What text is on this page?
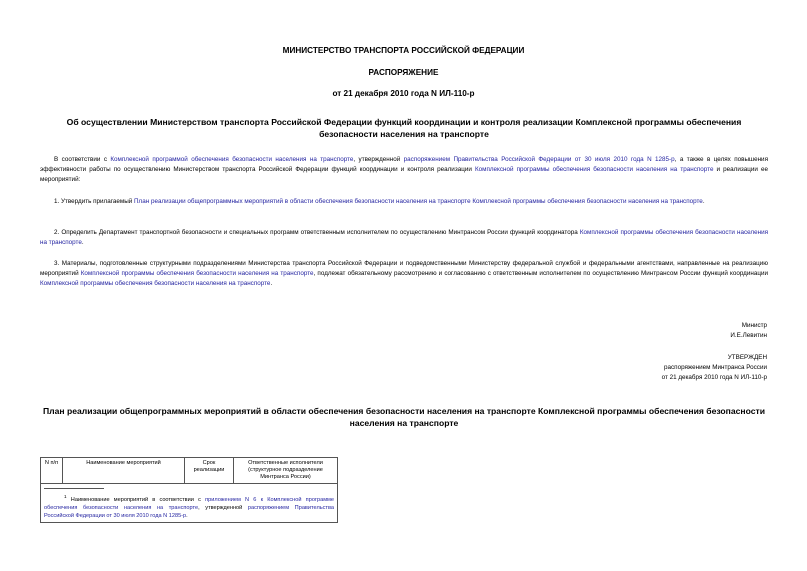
МИНИСТЕРСТВО ТРАНСПОРТА РОССИЙСКОЙ ФЕДЕРАЦИИ
РАСПОРЯЖЕНИЕ
от 21 декабря 2010 года N ИЛ-110-р
Об осуществлении Министерством транспорта Российской Федерации функций координации и контроля реализации Комплексной программы обеспечения безопасности населения на транспорте
В соответствии с Комплексной программой обеспечения безопасности населения на транспорте, утвержденной распоряжением Правительства Российской Федерации от 30 июля 2010 года N 1285-р, а также в целях повышения эффективности работы по осуществлению Министерством транспорта Российской Федерации функций координации и контроля реализации Комплексной программы обеспечения безопасности населения на транспорте и реализации ее мероприятий:
1. Утвердить прилагаемый План реализации общепрограммных мероприятий в области обеспечения безопасности населения на транспорте Комплексной программы обеспечения безопасности населения на транспорте.
2. Определить Департамент транспортной безопасности и специальных программ ответственным исполнителем по осуществлению Минтрансом России функций координатора Комплексной программы обеспечения безопасности населения на транспорте.
3. Материалы, подготовленные структурными подразделениями Министерства транспорта Российской Федерации и подведомственными Министерству федеральной службой и федеральными агентствами, направленные на реализацию мероприятий Комплексной программы обеспечения безопасности населения на транспорте, подлежат обязательному рассмотрению и согласованию с ответственным исполнителем по осуществлению Минтрансом России функций координации Комплексной программы обеспечения безопасности населения на транспорте.
Министр
И.Е.Левитин
УТВЕРЖДЕН
распоряжением Минтранса России
от 21 декабря 2010 года N ИЛ-110-р
План реализации общепрограммных мероприятий в области обеспечения безопасности населения на транспорте Комплексной программы обеспечения безопасности населения на транспорте
N п/п	Наименование мероприятий	Срок реализации	Ответственные исполнители (структурное подразделение Минтранса России)

$^1$ Наименование мероприятий в соответствии с приложением N 6 к Комплексной программе обеспечения безопасности населения на транспорте, утвержденной распоряжением Правительства Российской Федерации от 30 июля 2010 года N 1285-р.
